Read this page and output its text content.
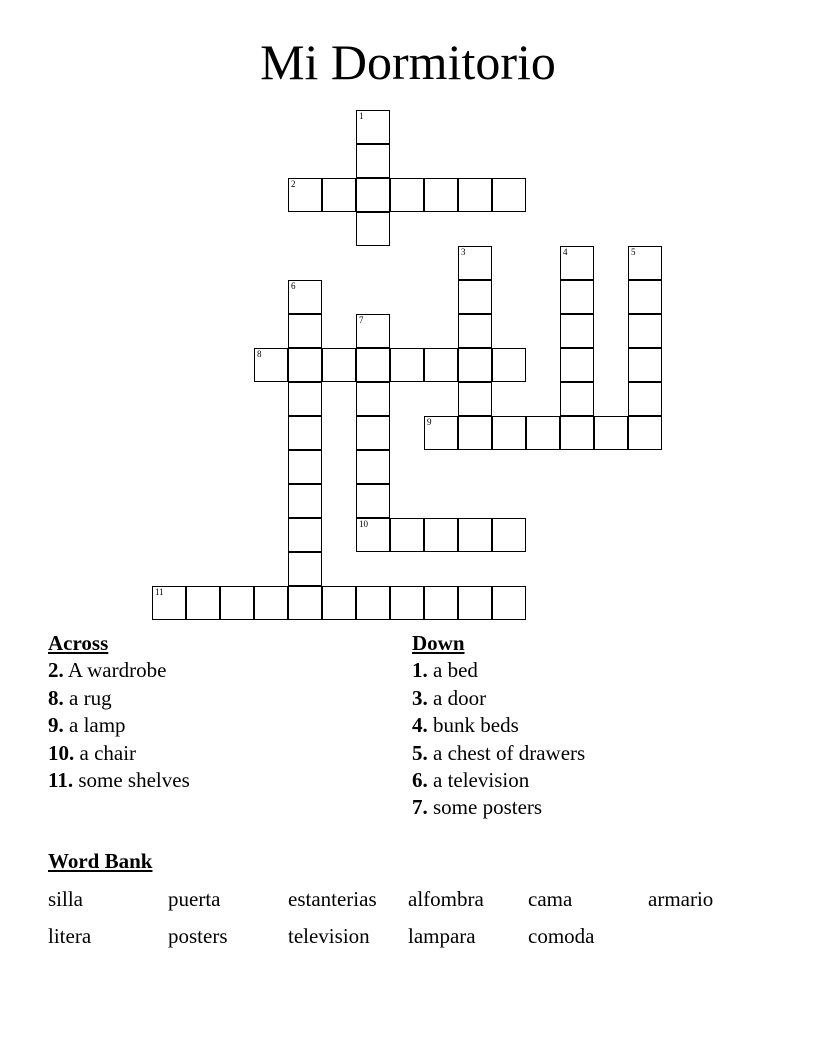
Mi Dormitorio
1
2
3	4	5
6
7
10
8
9
11
Across
2. A wardrobe
8. a rug
9. a lamp
10. a chair
11. some shelves
Down
1. a bed
3. a door
4. bunk beds
5. a chest of drawers
6. a television
7. some posters
Word Bank
silla	puerta	estanterias alfombra cama	armario
litera	posters	television lampara comoda
